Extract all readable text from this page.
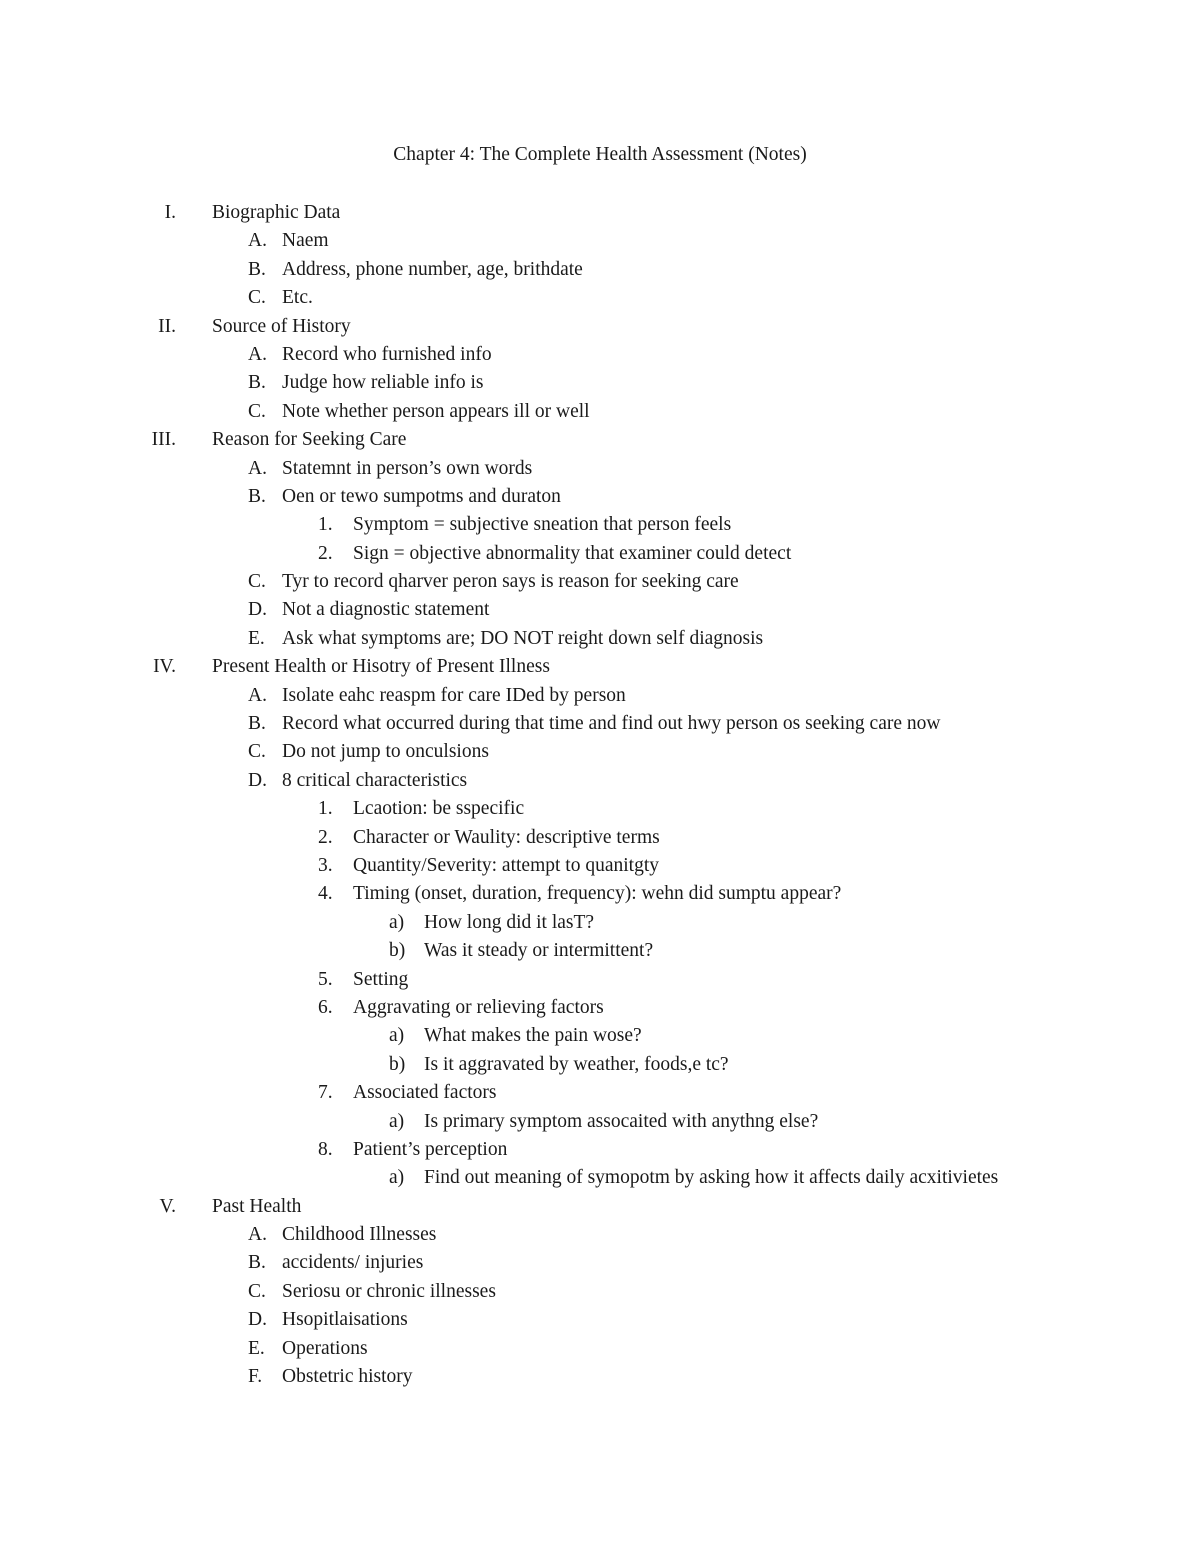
Chapter 4: The Complete Health Assessment (Notes)
I. Biographic Data
A. Naem
B. Address, phone number, age, brithdate
C. Etc.
II. Source of History
A. Record who furnished info
B. Judge how reliable info is
C. Note whether person appears ill or well
III. Reason for Seeking Care
A. Statemnt in person’s own words
B. Oen or tewo sumpotms and duraton
1. Symptom = subjective sneation that person feels
2. Sign = objective abnormality that examiner could detect
C. Tyr to record qharver peron says is reason for seeking care
D. Not a diagnostic statement
E. Ask what symptoms are; DO NOT reight down self diagnosis
IV. Present Health or Hisotry of Present Illness
A. Isolate eahc reaspm for care IDed by person
B. Record what occurred during that time and find out hwy person os seeking care now
C. Do not jump to onculsions
D. 8 critical characteristics
1. Lcaotion: be sspecific
2. Character or Waulity: descriptive terms
3. Quantity/Severity: attempt to quanitgty
4. Timing (onset, duration, frequency): wehn did sumptu appear?
a) How long did it lasT?
b) Was it steady or intermittent?
5. Setting
6. Aggravating or relieving factors
a) What makes the pain wose?
b) Is it aggravated by weather, foods,e tc?
7. Associated factors
a) Is primary symptom assocaited with anythng else?
8. Patient’s perception
a) Find out meaning of symopotm by asking how it affects daily acxitivietes
V. Past Health
A. Childhood Illnesses
B. accidents/ injuries
C. Seriosu or chronic illnesses
D. Hsopitlaisations
E. Operations
F. Obstetric history
